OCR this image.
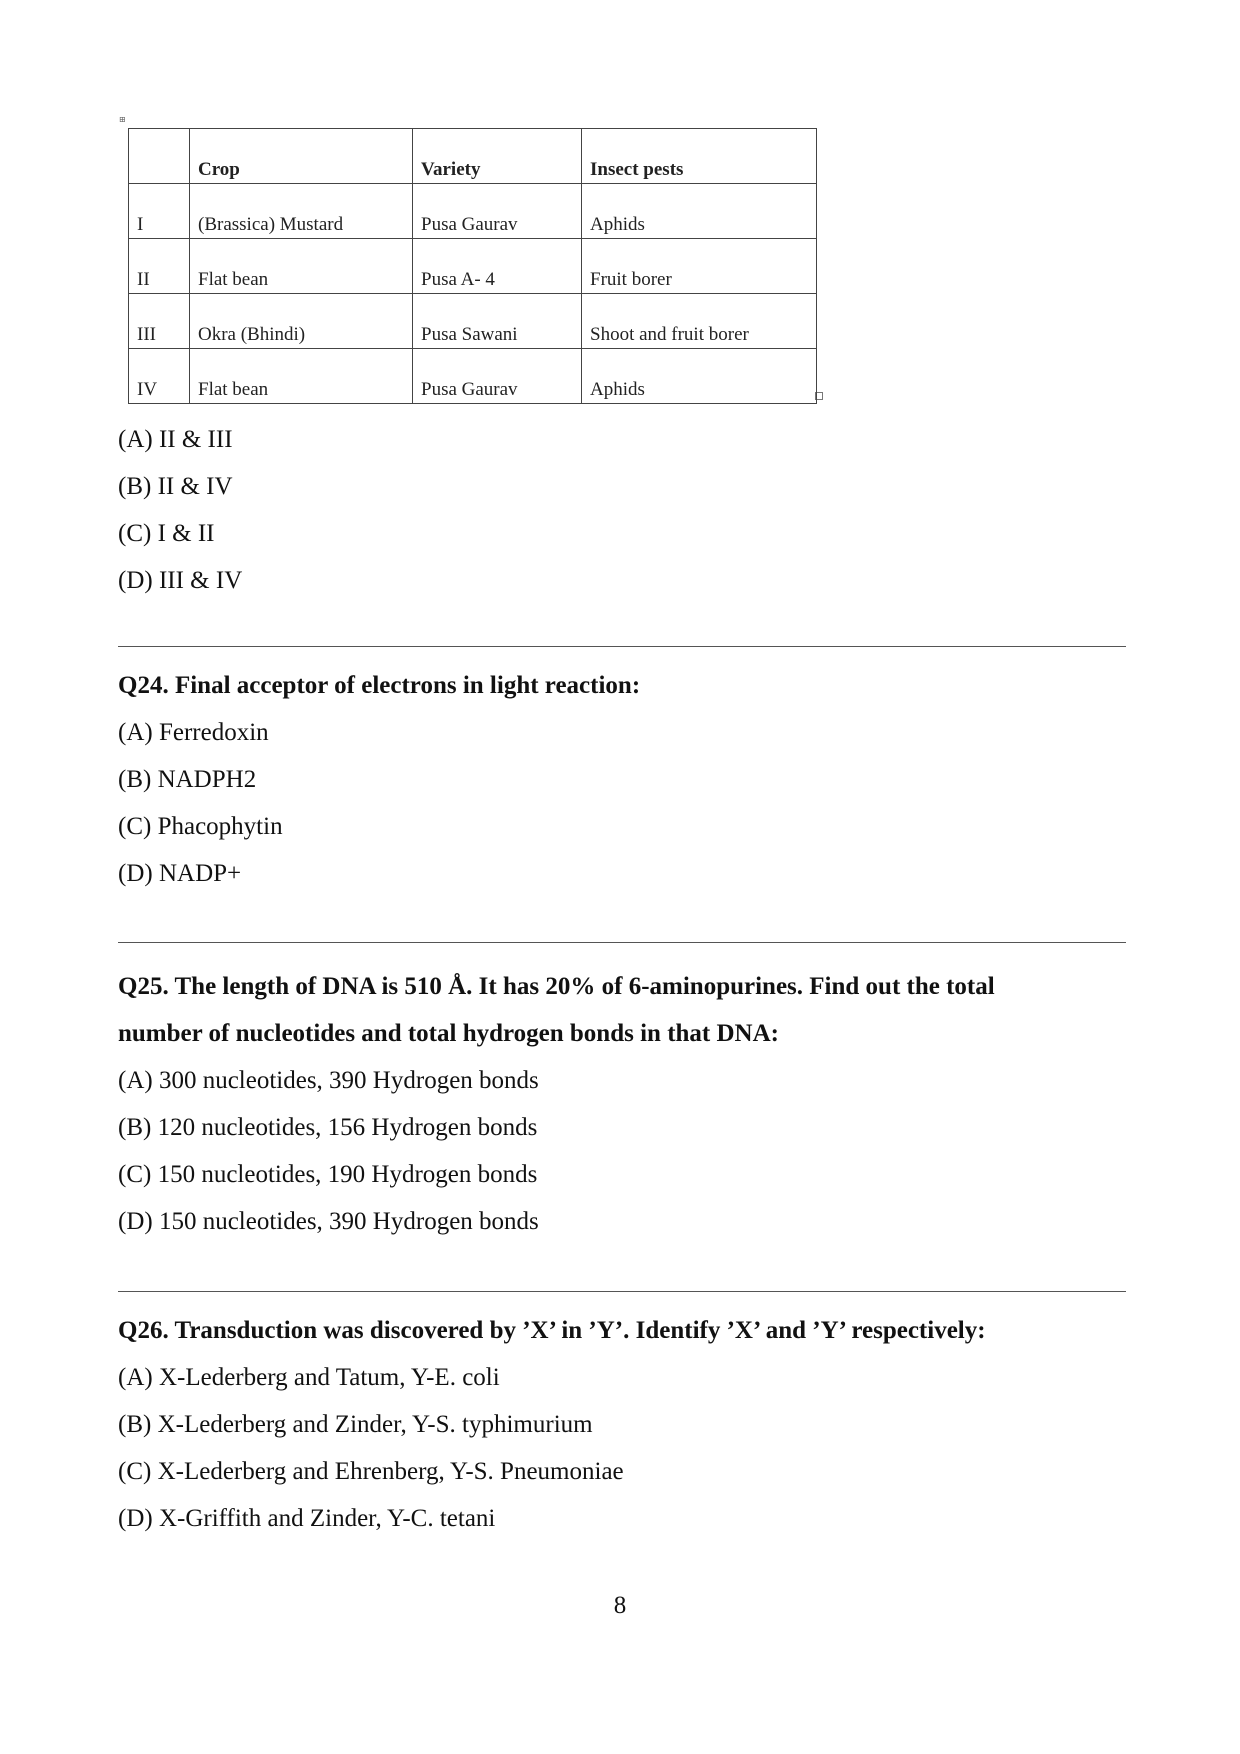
⊞
	Crop	Variety	Insect pests
I	(Brassica) Mustard	Pusa Gaurav	Aphids
II	Flat bean	Pusa A- 4	Fruit borer
III	Okra (Bhindi)	Pusa Sawani	Shoot and fruit borer
IV	Flat bean	Pusa Gaurav	Aphids
(A) II & III
(B) II & IV
(C) I & II
(D) III & IV
Q24. Final acceptor of electrons in light reaction:
(A) Ferredoxin
(B) NADPH2
(C) Phacophytin
(D) NADP+
Q25. The length of DNA is 510 Å. It has 20% of 6-aminopurines. Find out the total
number of nucleotides and total hydrogen bonds in that DNA:
(A) 300 nucleotides, 390 Hydrogen bonds
(B) 120 nucleotides, 156 Hydrogen bonds
(C) 150 nucleotides, 190 Hydrogen bonds
(D) 150 nucleotides, 390 Hydrogen bonds
Q26. Transduction was discovered by ’X’ in ’Y’. Identify ’X’ and ’Y’ respectively:
(A) X-Lederberg and Tatum, Y-E. coli
(B) X-Lederberg and Zinder, Y-S. typhimurium
(C) X-Lederberg and Ehrenberg, Y-S. Pneumoniae
(D) X-Griffith and Zinder, Y-C. tetani
8
